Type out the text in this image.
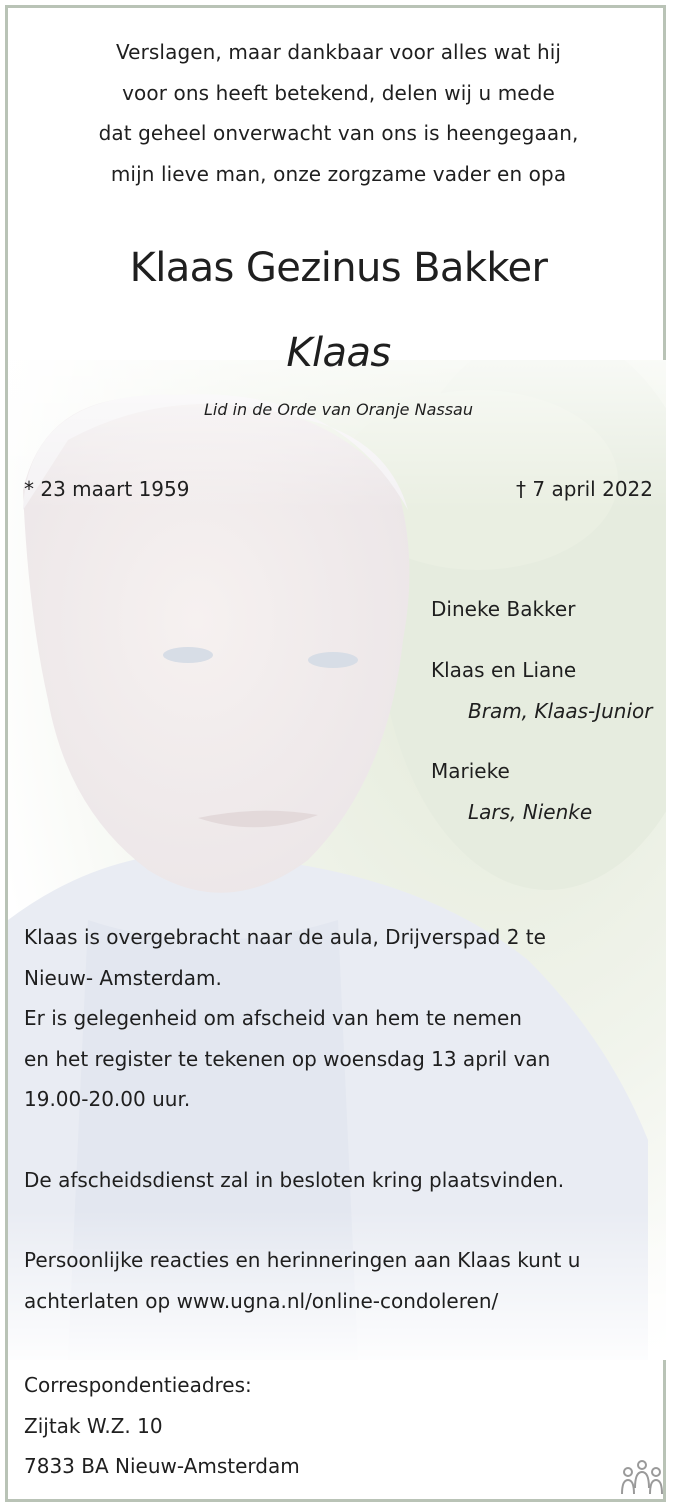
Verslagen, maar dankbaar voor alles wat hij
voor ons heeft betekend, delen wij u mede
dat geheel onverwacht van ons is heengegaan,
mijn lieve man, onze zorgzame vader en opa
Klaas Gezinus Bakker
Klaas
Lid in de Orde van Oranje Nassau
* 23 maart 1959	† 7 april 2022
Dineke Bakker
Klaas en Liane
Bram, Klaas-Junior
Marieke
Lars, Nienke
Klaas is overgebracht naar de aula, Drijverspad 2 te
Nieuw- Amsterdam.
Er is gelegenheid om afscheid van hem te nemen
en het register te tekenen op woensdag 13 april van
19.00-20.00 uur.
De afscheidsdienst zal in besloten kring plaatsvinden.
Persoonlijke reacties en herinneringen aan Klaas kunt u
achterlaten op www.ugna.nl/online-condoleren/
Correspondentieadres:
Zijtak W.Z. 10
7833 BA Nieuw-Amsterdam
